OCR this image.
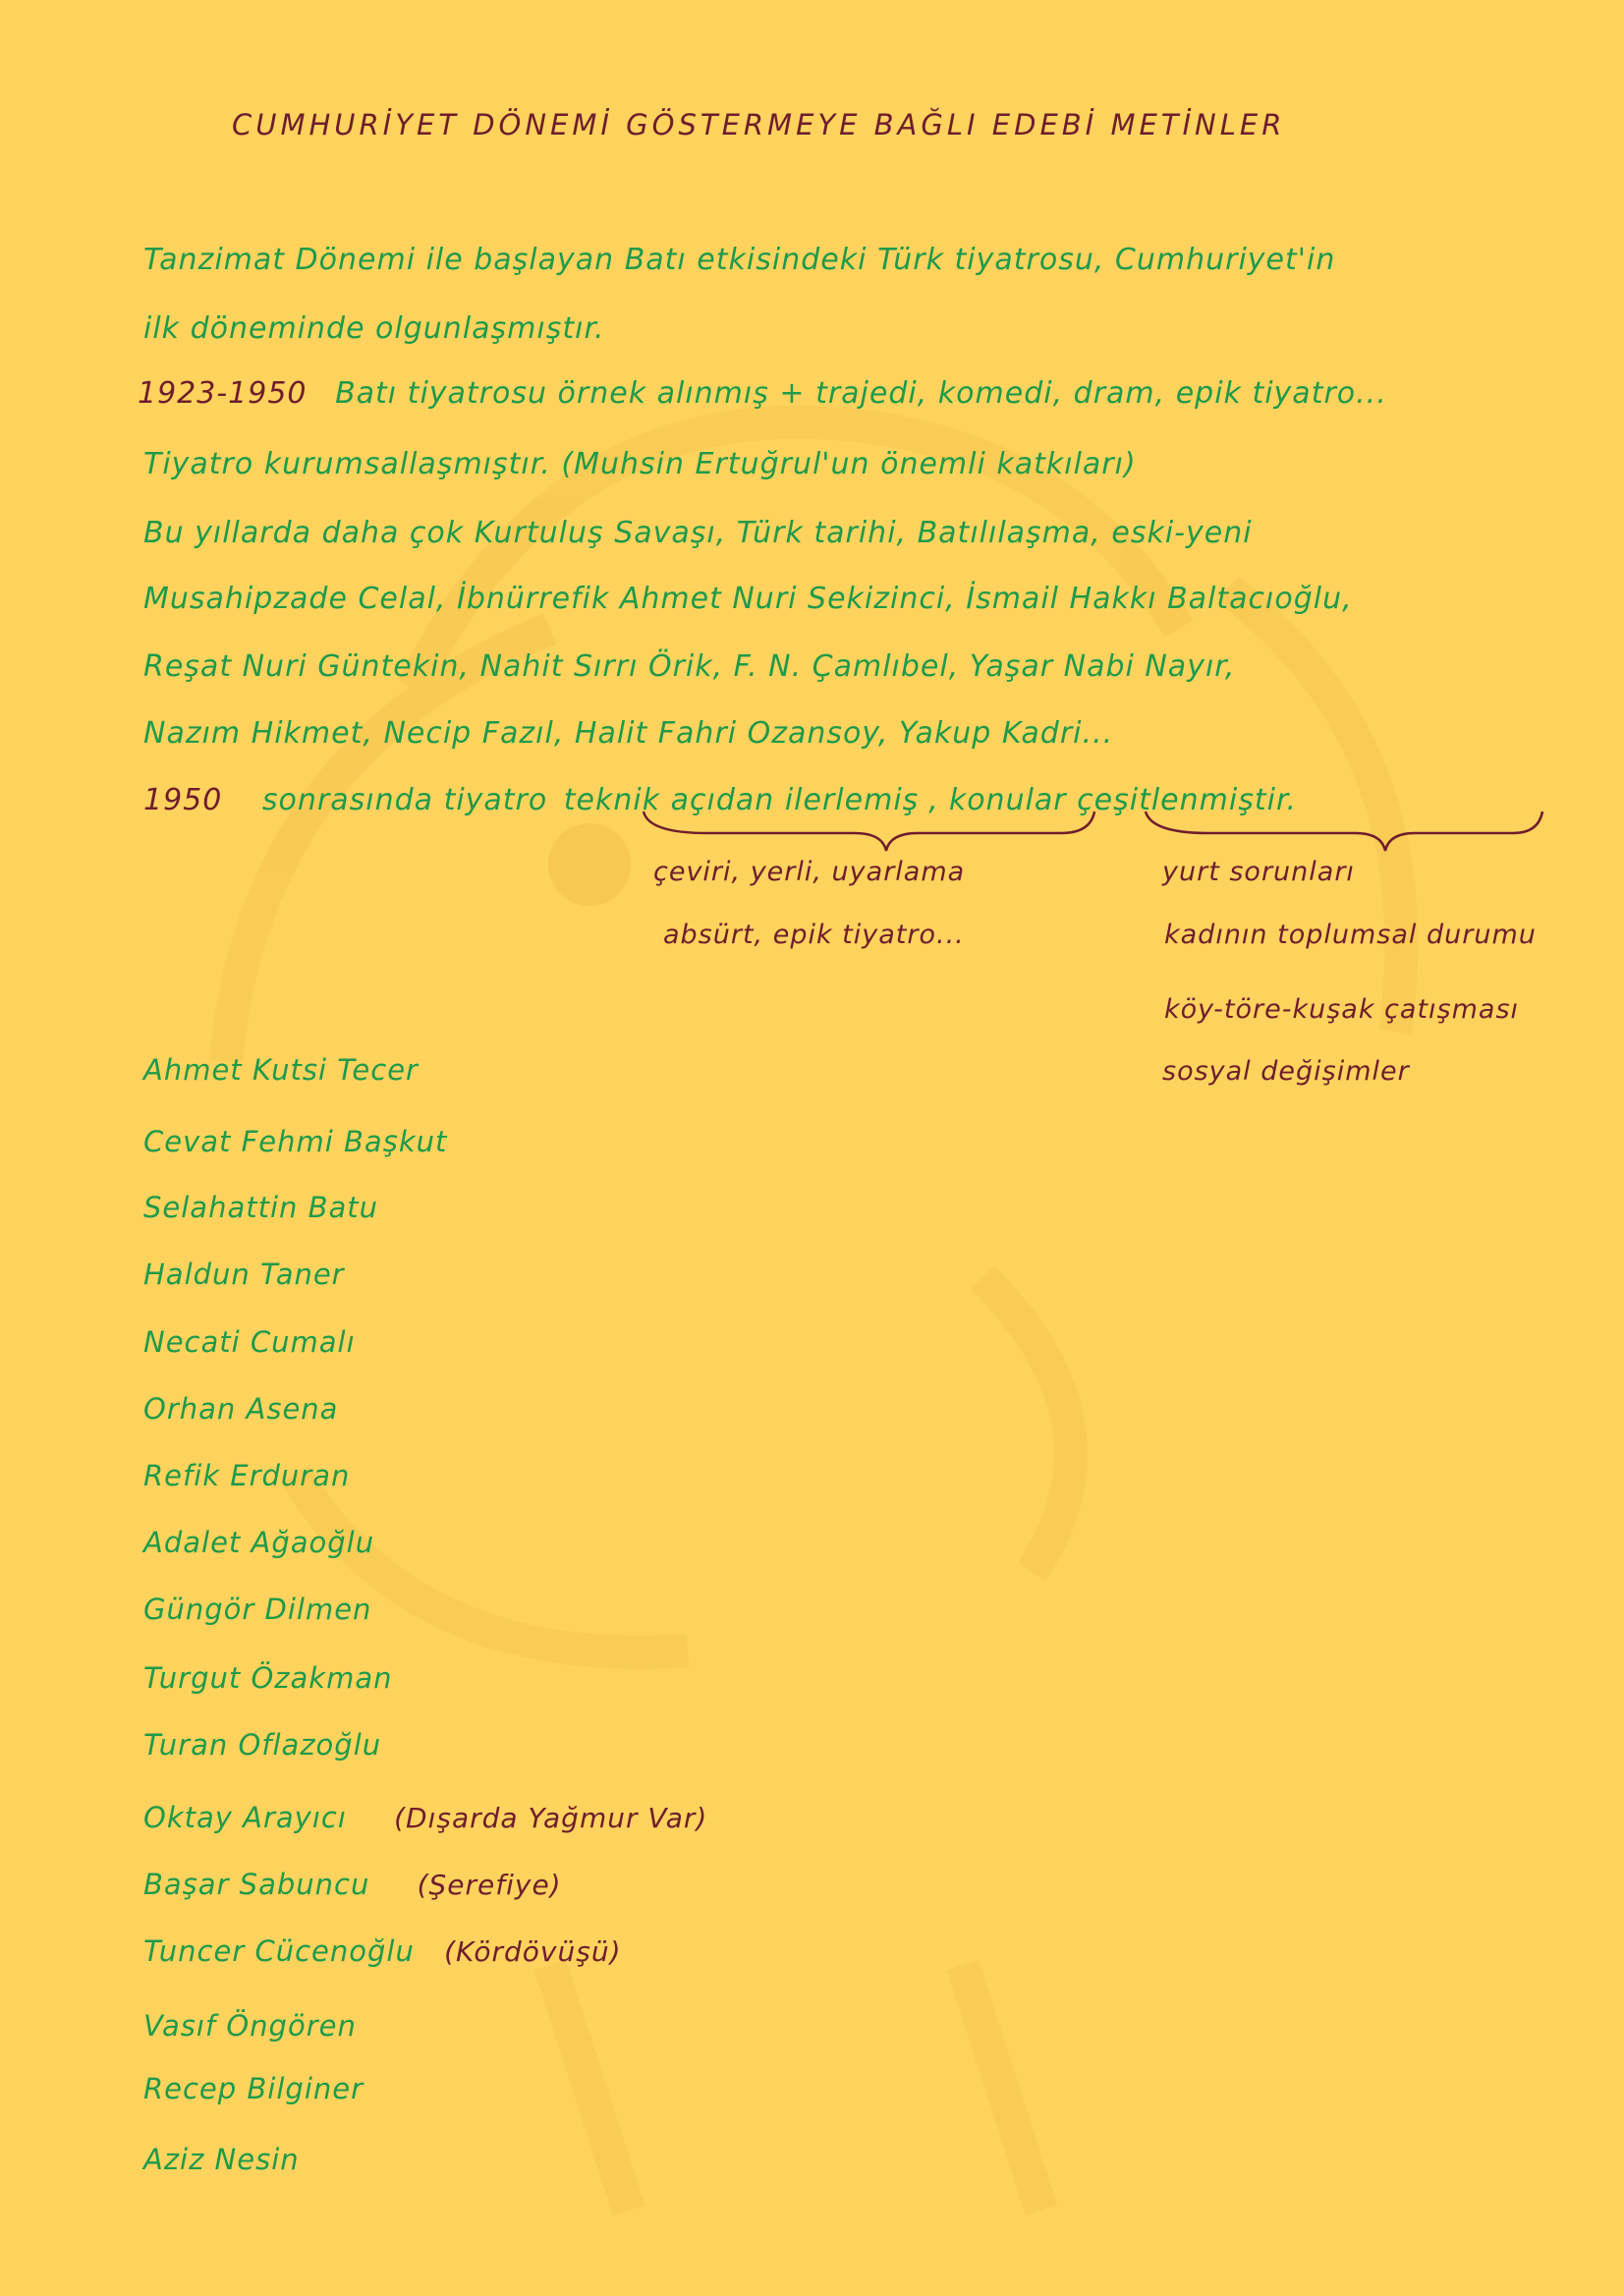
CUMHURİYET DÖNEMİ GÖSTERMEYE BAĞLI EDEBİ METİNLER
Tanzimat Dönemi ile başlayan Batı etkisindeki Türk tiyatrosu, Cumhuriyet'in
ilk döneminde olgunlaşmıştır.
1923-1950 Batı tiyatrosu örnek alınmış + trajedi, komedi, dram, epik tiyatro...
Tiyatro kurumsallaşmıştır. (Muhsin Ertuğrul'un önemli katkıları)
Bu yıllarda daha çok Kurtuluş Savaşı, Türk tarihi, Batılılaşma, eski-yeni
Musahipzade Celal, İbnürrefik Ahmet Nuri Sekizinci, İsmail Hakkı Baltacıoğlu,
Reşat Nuri Güntekin, Nahit Sırrı Örik, F. N. Çamlıbel, Yaşar Nabi Nayır,
Nazım Hikmet, Necip Fazıl, Halit Fahri Ozansoy, Yakup Kadri...
1950 sonrasında tiyatro teknik açıdan ilerlemiş , konular çeşitlenmiştir.
çeviri, yerli, uyarlama
absürt, epik tiyatro...
yurt sorunları
kadının toplumsal durumu
köy-töre-kuşak çatışması
sosyal değişimler
Ahmet Kutsi Tecer
Cevat Fehmi Başkut
Selahattin Batu
Haldun Taner
Necati Cumalı
Orhan Asena
Refik Erduran
Adalet Ağaoğlu
Güngör Dilmen
Turgut Özakman
Turan Oflazoğlu
Oktay Arayıcı (Dışarda Yağmur Var)
Başar Sabuncu (Şerefiye)
Tuncer Cücenoğlu (Kördövüşü)
Vasıf Öngören
Recep Bilginer
Aziz Nesin
